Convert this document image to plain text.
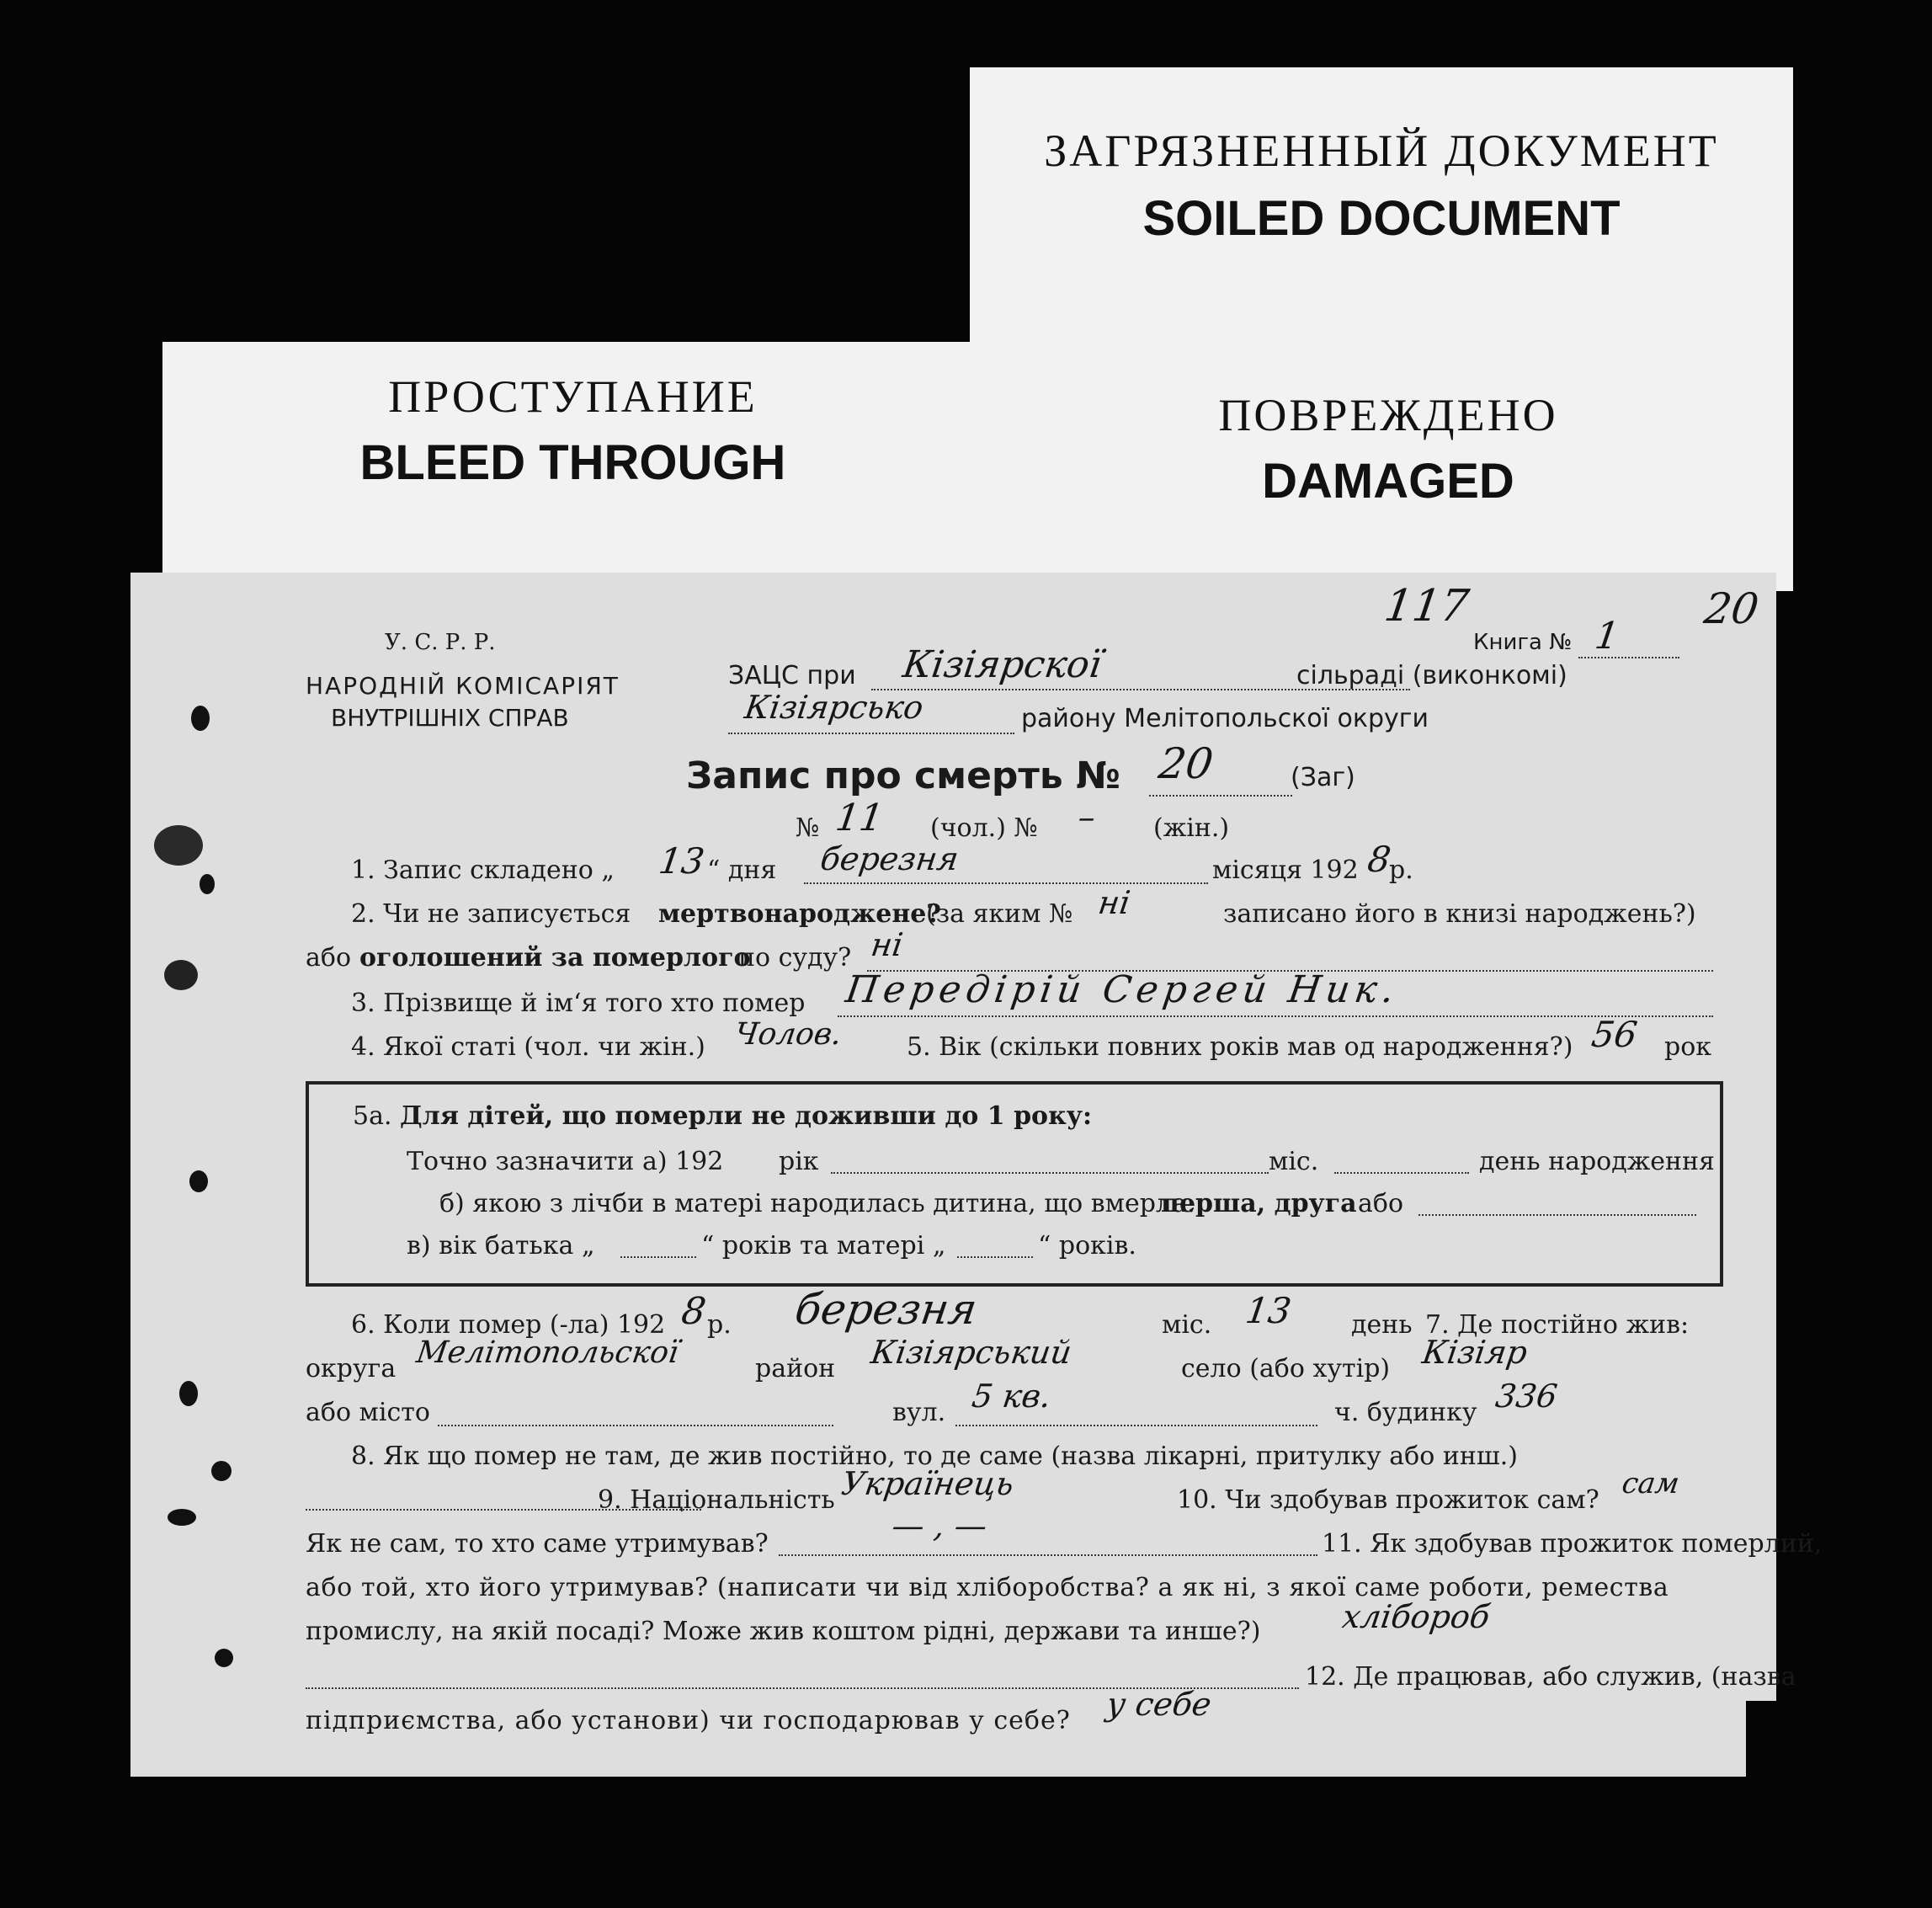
ЗАГРЯЗНЕННЫЙ ДОКУМЕНТ
SOILED DOCUMENT
ПРОСТУПАНИЕ
BLEED THROUGH
ПОВРЕЖДЕНО
DAMAGED
У. С. Р. Р.
НАРОДНІЙ КОМІСАРІЯТ
ВНУТРІШНІХ СПРАВ
117	20
Книга № 1
ЗАЦС при Кізіярскої	сільраді (виконкомі)
Кізіярсько	району Мелітопольскої округи
Запис про смерть № 20	(Заг)
№ 11 (чол.) № – (жін.)
1. Запис складено „ 13 “ дня березня	місяця 192 8
р.
2. Чи не записується мертвонароджене?
(за яким № ні	записано його в книзі народжень?)
або оголошений за померлого
по суду? ні
3. Прізвище й ім‘я того хто помер Передірій Сергей Ник.
4. Якої статі (чол. чи жін.) Чолов. 5. Вік (скільки повних років мав од народження?) 56 рок
5а. Для дітей, що померли не доживши до 1 року:
Точно зазначити а) 192 рік	міс.	день народження
б) якою з лічби в матері народилась дитина, що вмерла:
перша, друга або
в) вік батька „	“ років та матері „	“ років.
6. Коли помер (-ла) 192 8
р. березня	міс. 13 день 7. Де постійно жив:
округа Мелітопольскої	район Кізіярський	село (або хутір) Кізіяр
або місто	вул. 5 кв.	ч. будинку 336
8. Як що помер не там, де жив постійно, то де саме (назва лікарні, притулку або инш.)
9. Національність Українець	10. Чи здобував прожиток сам? сам
Як не сам, то хто саме утримував?	— , —	11. Як здобував прожиток померлий,
або той, хто його утримував? (написати чи від хліборобства? а як ні, з якої саме роботи, ремества
промислу, на якій посаді? Може жив коштом рідні, держави та инше?) хлібороб
12. Де працював, або служив, (назва
підприємства, або установи) чи господарював у себе? у себе
